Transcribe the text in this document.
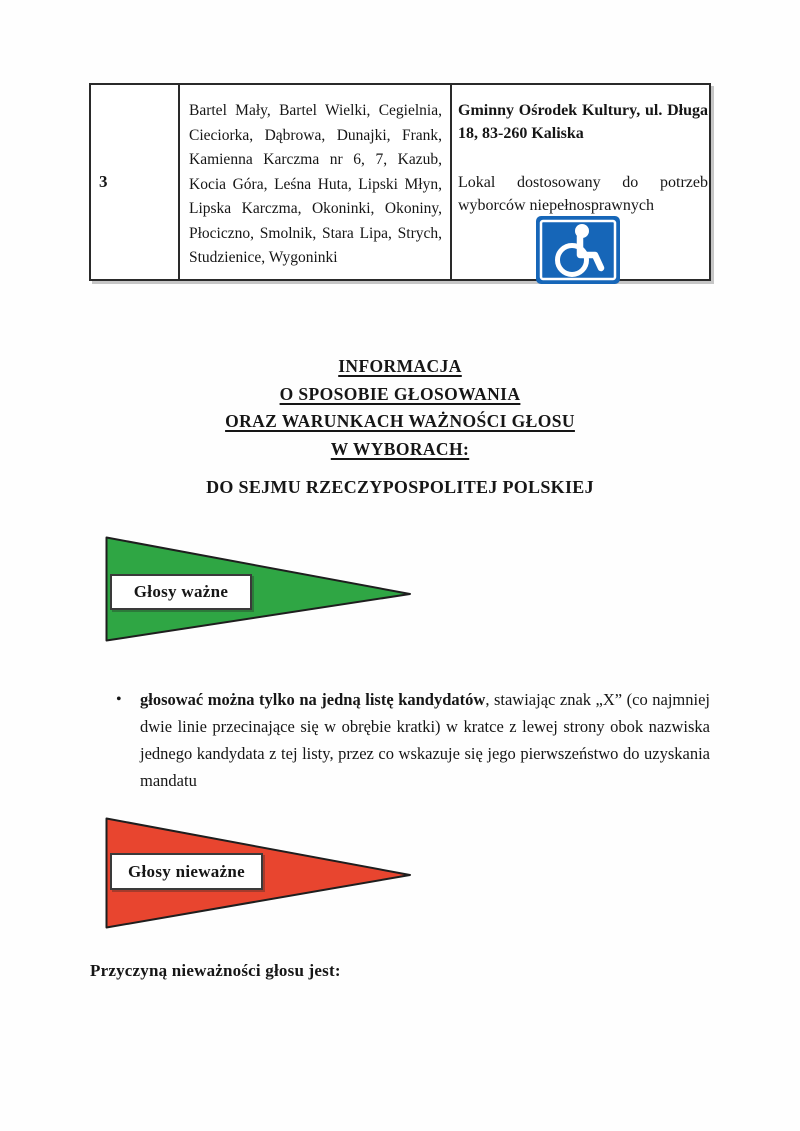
3
Bartel Mały, Bartel Wielki, Cegielnia, Cieciorka, Dąbrowa, Dunajki, Frank, Kamienna Karczma nr 6, 7, Kazub, Kocia Góra, Leśna Huta, Lipski Młyn, Lipska Karczma, Okoninki, Okoniny, Płociczno, Smolnik, Stara Lipa, Strych, Studzienice, Wygoninki

Gminny Ośrodek Kultury, ul. Długa 18, 83-260 Kaliska

Lokal dostosowany do potrzeb wyborców niepełnosprawnych

INFORMACJA
O SPOSOBIE GŁOSOWANIA
ORAZ WARUNKACH WAŻNOŚCI GŁOSU
W WYBORACH:
DO SEJMU RZECZYPOSPOLITEJ POLSKIEJ
Głosy ważne
•	głosować można tylko na jedną listę kandydatów, stawiając znak „X” (co najmniej dwie linie przecinające się w obrębie kratki) w kratce z lewej strony obok nazwiska jednego kandydata z tej listy, przez co wskazuje się jego pierwszeństwo do uzyskania mandatu
Głosy nieważne
Przyczyną nieważności głosu jest:
